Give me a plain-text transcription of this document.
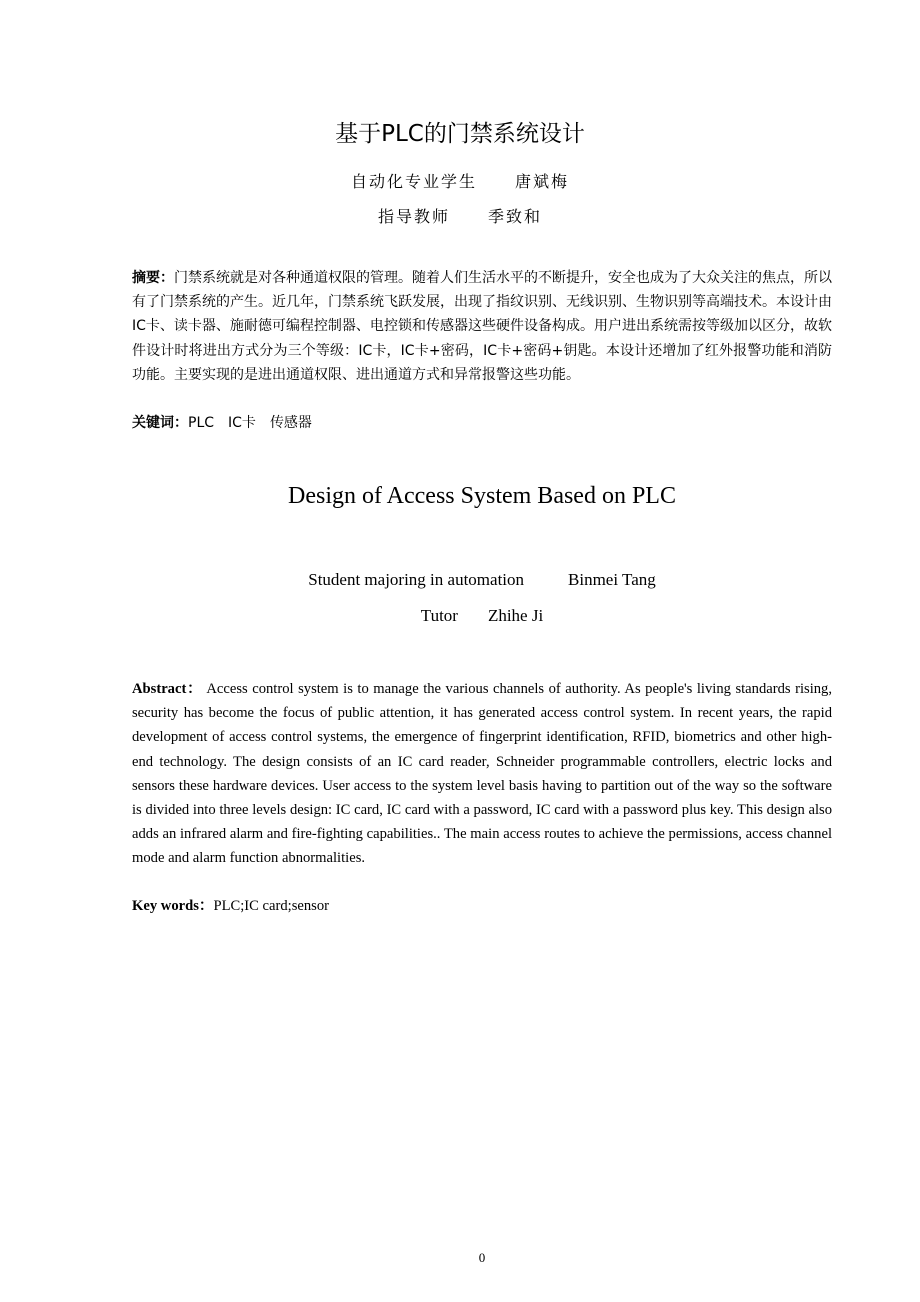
基于PLC的门禁系统设计
自动化专业学生 唐斌梅
指导教师 季致和
摘要：门禁系统就是对各种通道权限的管理。随着人们生活水平的不断提升，安全也成为了大众关注的焦点，所以有了门禁系统的产生。近几年，门禁系统飞跃发展，出现了指纹识别、无线识别、生物识别等高端技术。本设计由IC卡、读卡器、施耐德可编程控制器、电控锁和传感器这些硬件设备构成。用户进出系统需按等级加以区分，故软件设计时将进出方式分为三个等级：IC卡，IC卡+密码，IC卡+密码+钥匙。本设计还增加了红外报警功能和消防功能。主要实现的是进出通道权限、进出通道方式和异常报警这些功能。
关键词：PLC IC卡 传感器
Design of Access System Based on PLC
Student majoring in automation	Binmei Tang
Tutor Zhihe Ji
Abstract： Access control system is to manage the various channels of authority. As people's living standards rising, security has become the focus of public attention, it has generated access control system. In recent years, the rapid development of access control systems, the emergence of fingerprint identification, RFID, biometrics and other high-end technology. The design consists of an IC card reader, Schneider programmable controllers, electric locks and sensors these hardware devices. User access to the system level basis having to partition out of the way so the software is divided into three levels design: IC card, IC card with a password, IC card with a password plus key. This design also adds an infrared alarm and fire-fighting capabilities.. The main access routes to achieve the permissions, access channel mode and alarm function abnormalities.
Key words：PLC;IC card;sensor
0
